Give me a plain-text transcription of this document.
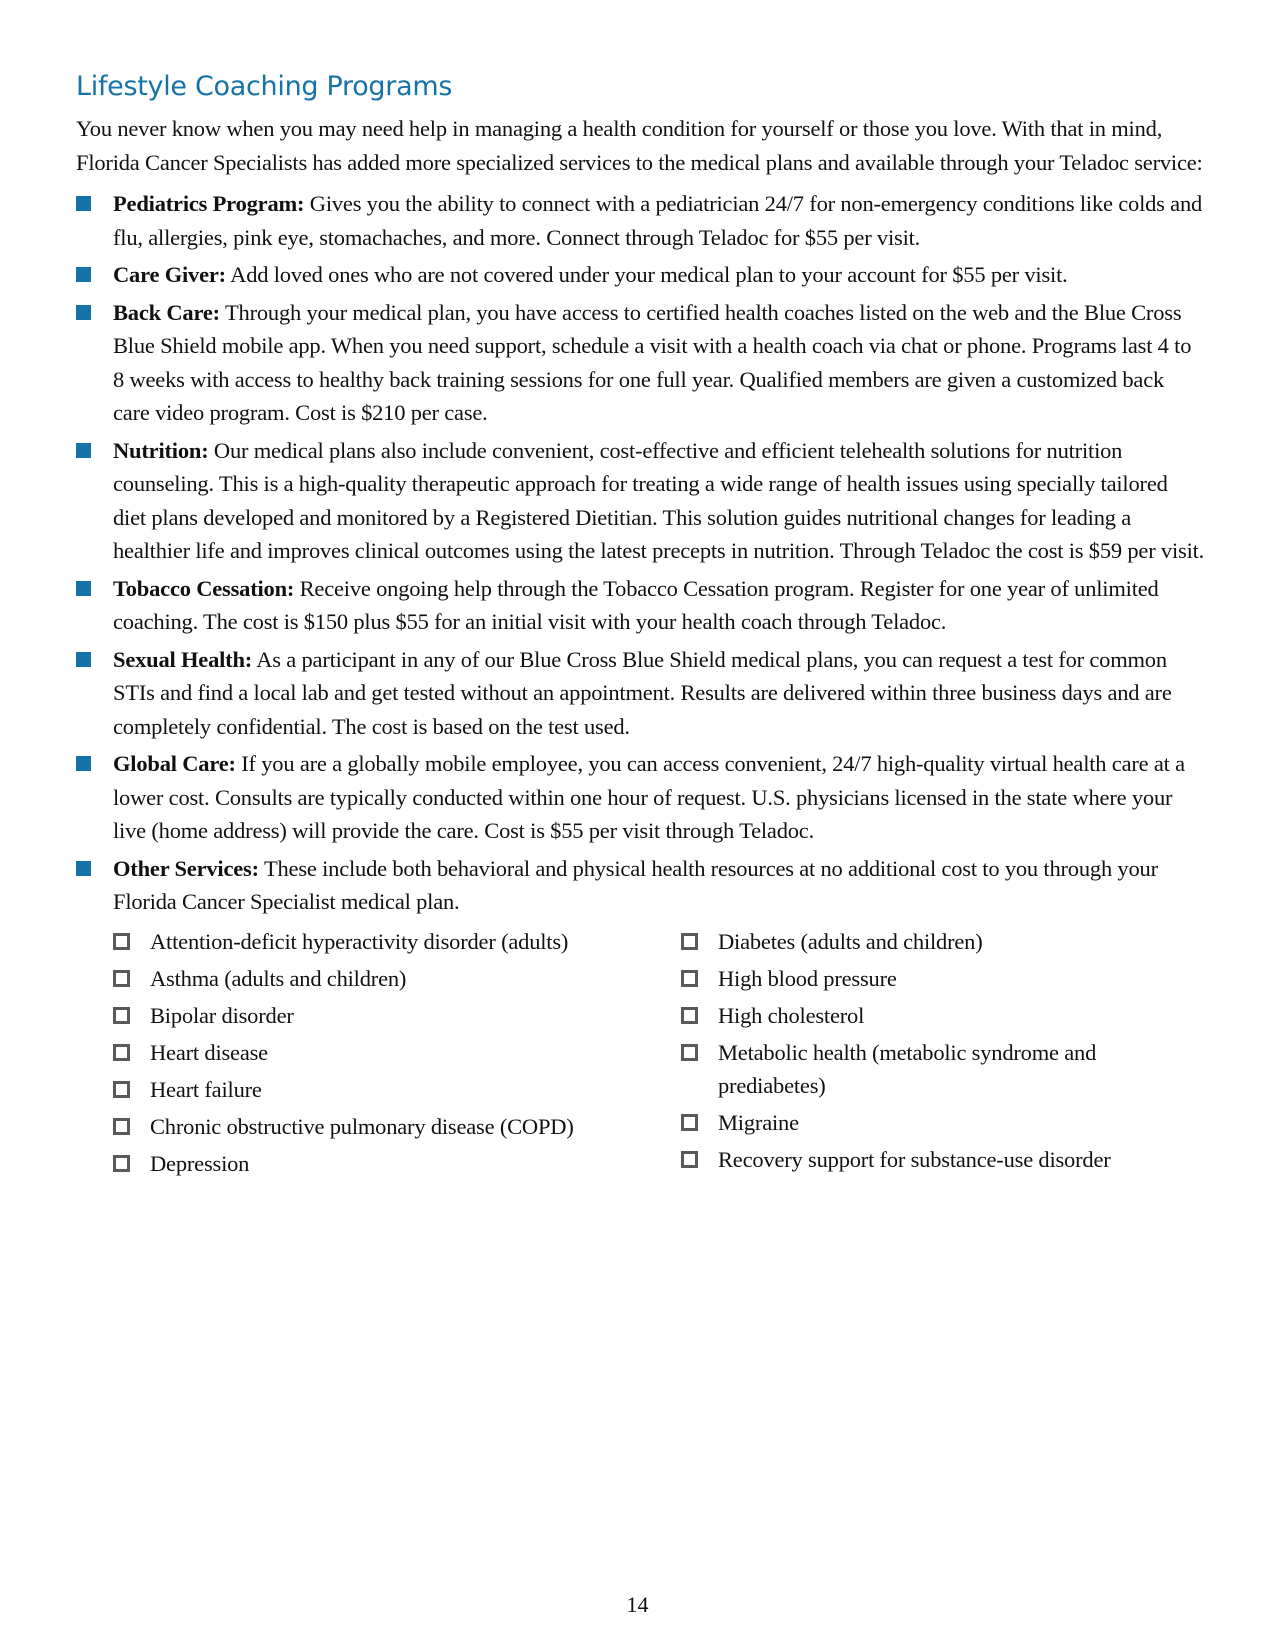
Lifestyle Coaching Programs

You never know when you may need help in managing a health condition for yourself or those you love. With that in mind, Florida Cancer Specialists has added more specialized services to the medical plans and available through your Teladoc service:

Pediatrics Program: Gives you the ability to connect with a pediatrician 24/7 for non-emergency conditions like colds and flu, allergies, pink eye, stomachaches, and more. Connect through Teladoc for $55 per visit.
Care Giver: Add loved ones who are not covered under your medical plan to your account for $55 per visit.
Back Care: Through your medical plan, you have access to certified health coaches listed on the web and the Blue Cross Blue Shield mobile app. When you need support, schedule a visit with a health coach via chat or phone. Programs last 4 to 8 weeks with access to healthy back training sessions for one full year. Qualified members are given a customized back care video program. Cost is $210 per case.
Nutrition: Our medical plans also include convenient, cost-effective and efficient telehealth solutions for nutrition counseling. This is a high-quality therapeutic approach for treating a wide range of health issues using specially tailored diet plans developed and monitored by a Registered Dietitian. This solution guides nutritional changes for leading a healthier life and improves clinical outcomes using the latest precepts in nutrition. Through Teladoc the cost is $59 per visit.
Tobacco Cessation: Receive ongoing help through the Tobacco Cessation program. Register for one year of unlimited coaching. The cost is $150 plus $55 for an initial visit with your health coach through Teladoc.
Sexual Health: As a participant in any of our Blue Cross Blue Shield medical plans, you can request a test for common STIs and find a local lab and get tested without an appointment. Results are delivered within three business days and are completely confidential. The cost is based on the test used.
Global Care: If you are a globally mobile employee, you can access convenient, 24/7 high-quality virtual health care at a lower cost. Consults are typically conducted within one hour of request. U.S. physicians licensed in the state where your live (home address) will provide the care. Cost is $55 per visit through Teladoc.
Other Services: These include both behavioral and physical health resources at no additional cost to you through your Florida Cancer Specialist medical plan.
Attention-deficit hyperactivity disorder (adults)
Asthma (adults and children)
Bipolar disorder
Heart disease
Heart failure
Chronic obstructive pulmonary disease (COPD)
Depression
Diabetes (adults and children)
High blood pressure
High cholesterol
Metabolic health (metabolic syndrome and prediabetes)
Migraine
Recovery support for substance-use disorder
14
